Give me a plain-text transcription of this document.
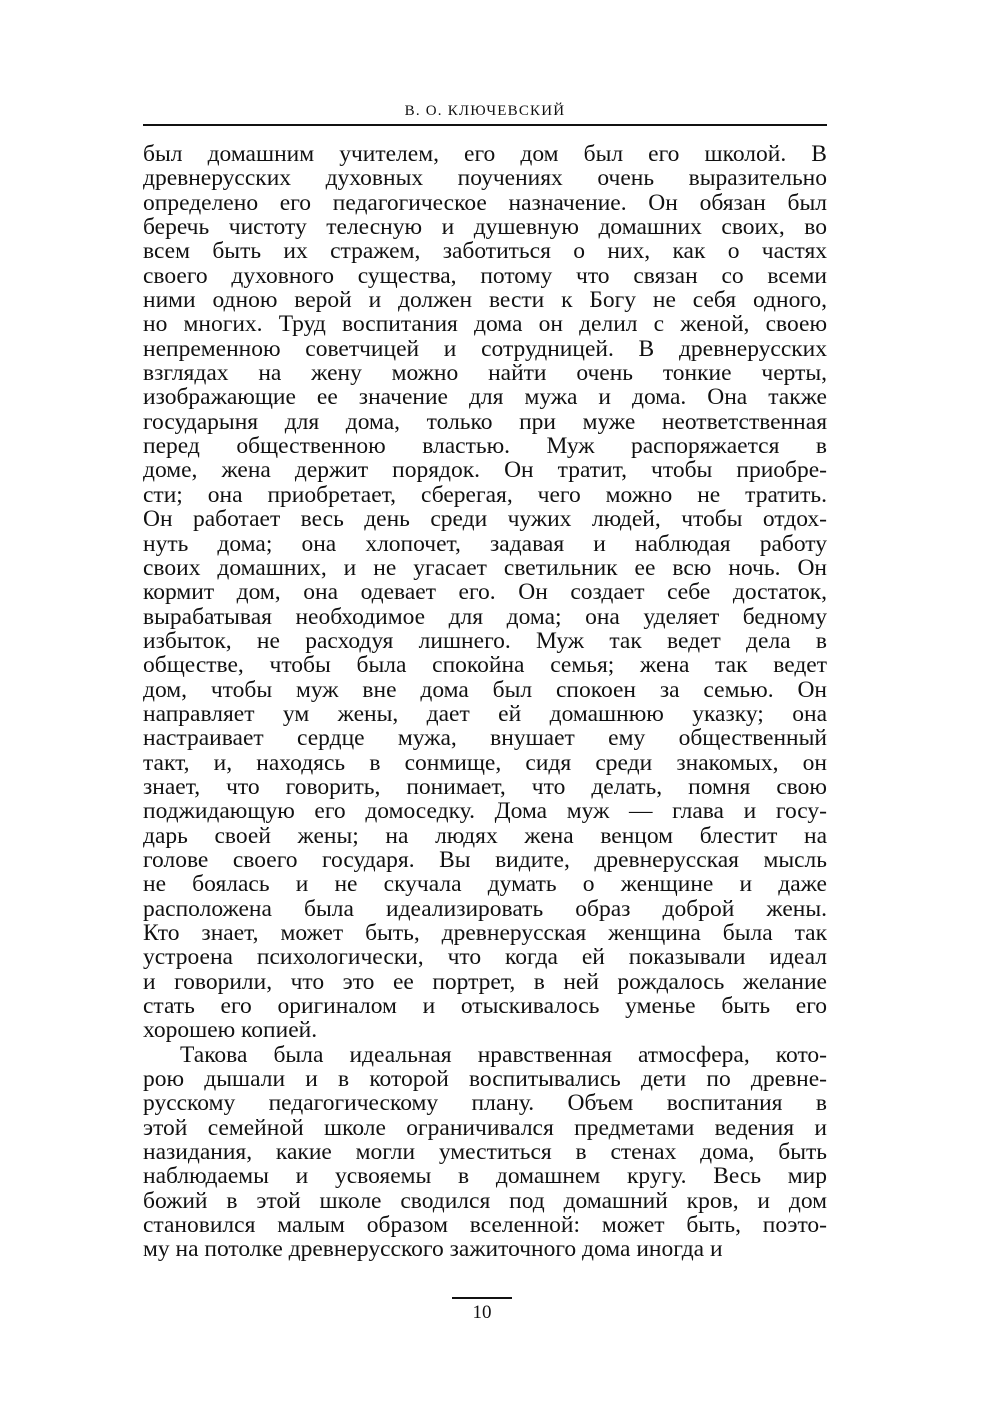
В. О. КЛЮЧЕВСКИЙ
был домашним учителем, его дом был его школой. В
древнерусских духовных поучениях очень выразительно
определено его педагогическое назначение. Он обязан был
беречь чистоту телесную и душевную домашних своих, во
всем быть их стражем, заботиться о них, как о частях
своего духовного существа, потому что связан со всеми
ними одною верой и должен вести к Богу не себя одного,
но многих. Труд воспитания дома он делил с женой, своею
непременною советчицей и сотрудницей. В древнерусских
взглядах на жену можно найти очень тонкие черты,
изображающие ее значение для мужа и дома. Она также
государыня для дома, только при муже неответственная
перед общественною властью. Муж распоряжается в
доме, жена держит порядок. Он тратит, чтобы приобре-
сти; она приобретает, сберегая, чего можно не тратить.
Он работает весь день среди чужих людей, чтобы отдох-
нуть дома; она хлопочет, задавая и наблюдая работу
своих домашних, и не угасает светильник ее всю ночь. Он
кормит дом, она одевает его. Он создает себе достаток,
вырабатывая необходимое для дома; она уделяет бедному
избыток, не расходуя лишнего. Муж так ведет дела в
обществе, чтобы была спокойна семья; жена так ведет
дом, чтобы муж вне дома был спокоен за семью. Он
направляет ум жены, дает ей домашнюю указку; она
настраивает сердце мужа, внушает ему общественный
такт, и, находясь в сонмище, сидя среди знакомых, он
знает, что говорить, понимает, что делать, помня свою
поджидающую его домоседку. Дома муж — глава и госу-
дарь своей жены; на людях жена венцом блестит на
голове своего государя. Вы видите, древнерусская мысль
не боялась и не скучала думать о женщине и даже
расположена была идеализировать образ доброй жены.
Кто знает, может быть, древнерусская женщина была так
устроена психологически, что когда ей показывали идеал
и говорили, что это ее портрет, в ней рождалось желание
стать его оригиналом и отыскивалось уменье быть его
хорошею копией.
Такова была идеальная нравственная атмосфера, кото-
рою дышали и в которой воспитывались дети по древне-
русскому педагогическому плану. Объем воспитания в
этой семейной школе ограничивался предметами ведения и
назидания, какие могли уместиться в стенах дома, быть
наблюдаемы и усвояемы в домашнем кругу. Весь мир
божий в этой школе сводился под домашний кров, и дом
становился малым образом вселенной: может быть, поэто-
му на потолке древнерусского зажиточного дома иногда и
10
